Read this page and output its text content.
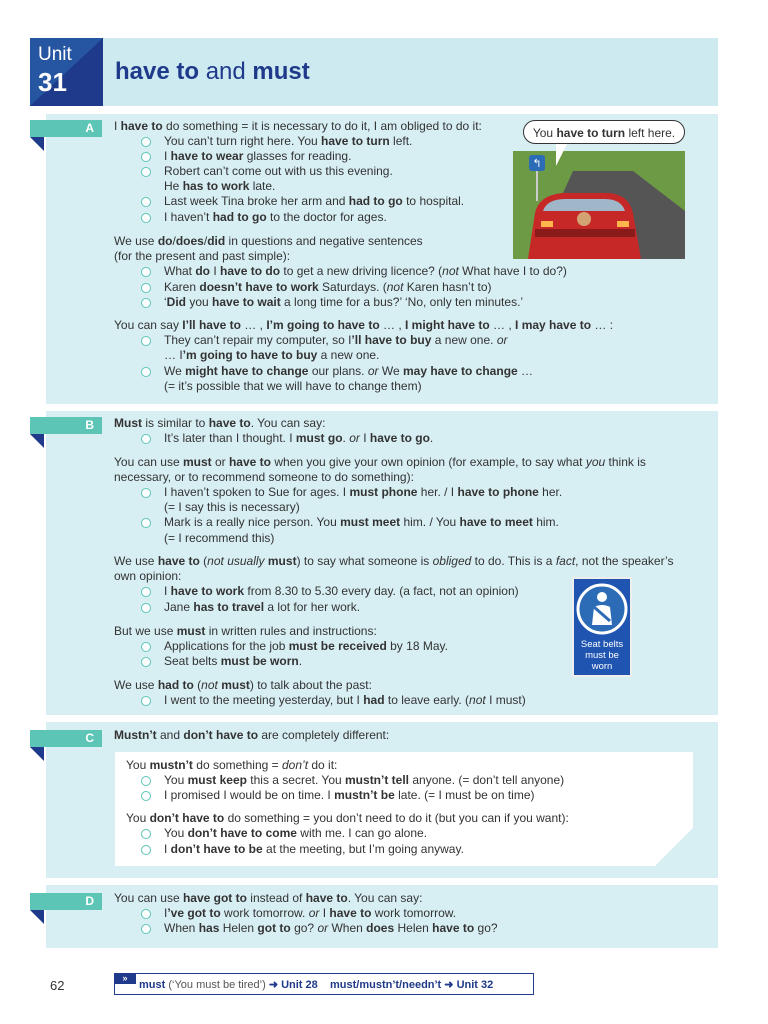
Unit
31 have to and must
A
B
C
D
↰
You have to turn left here.
Seat belts
must be
worn
I have to do something = it is necessary to do it, I am obliged to do it:
You can’t turn right here. You have to turn left.
I have to wear glasses for reading.
Robert can’t come out with us this evening.
He has to work late.
Last week Tina broke her arm and had to go to hospital.
I haven’t had to go to the doctor for ages.
We use do/does/did in questions and negative sentences
(for the present and past simple):
What do I have to do to get a new driving licence? (not What have I to do?)
Karen doesn’t have to work Saturdays. (not Karen hasn’t to)
‘Did you have to wait a long time for a bus?’ ‘No, only ten minutes.’
You can say I’ll have to … , I’m going to have to … , I might have to … , I may have to … :
They can’t repair my computer, so I’ll have to buy a new one. or
… I’m going to have to buy a new one.
We might have to change our plans. or We may have to change …
(= it’s possible that we will have to change them)
Must is similar to have to. You can say:
It’s later than I thought. I must go. or I have to go.
You can use must or have to when you give your own opinion (for example, to say what you think is
necessary, or to recommend someone to do something):
I haven’t spoken to Sue for ages. I must phone her. / I have to phone her.
(= I say this is necessary)
Mark is a really nice person. You must meet him. / You have to meet him.
(= I recommend this)
We use have to (not usually must) to say what someone is obliged to do. This is a fact, not the speaker’s
own opinion:
I have to work from 8.30 to 5.30 every day. (a fact, not an opinion)
Jane has to travel a lot for her work.
But we use must in written rules and instructions:
Applications for the job must be received by 18 May.
Seat belts must be worn.
We use had to (not must) to talk about the past:
I went to the meeting yesterday, but I had to leave early. (not I must)
Mustn’t and don’t have to are completely different:
You mustn’t do something = don’t do it:
You must keep this a secret. You mustn’t tell anyone. (= don’t tell anyone)
I promised I would be on time. I mustn’t be late. (= I must be on time)
You don’t have to do something = you don’t need to do it (but you can if you want):
You don’t have to come with me. I can go alone.
I don’t have to be at the meeting, but I’m going anyway.
You can use have got to instead of have to. You can say:
I’ve got to work tomorrow. or I have to work tomorrow.
When has Helen got to go? or When does Helen have to go?
62	»
must (‘You must be tired’) ➜ Unit 28 must/mustn’t/needn’t ➜ Unit 32
